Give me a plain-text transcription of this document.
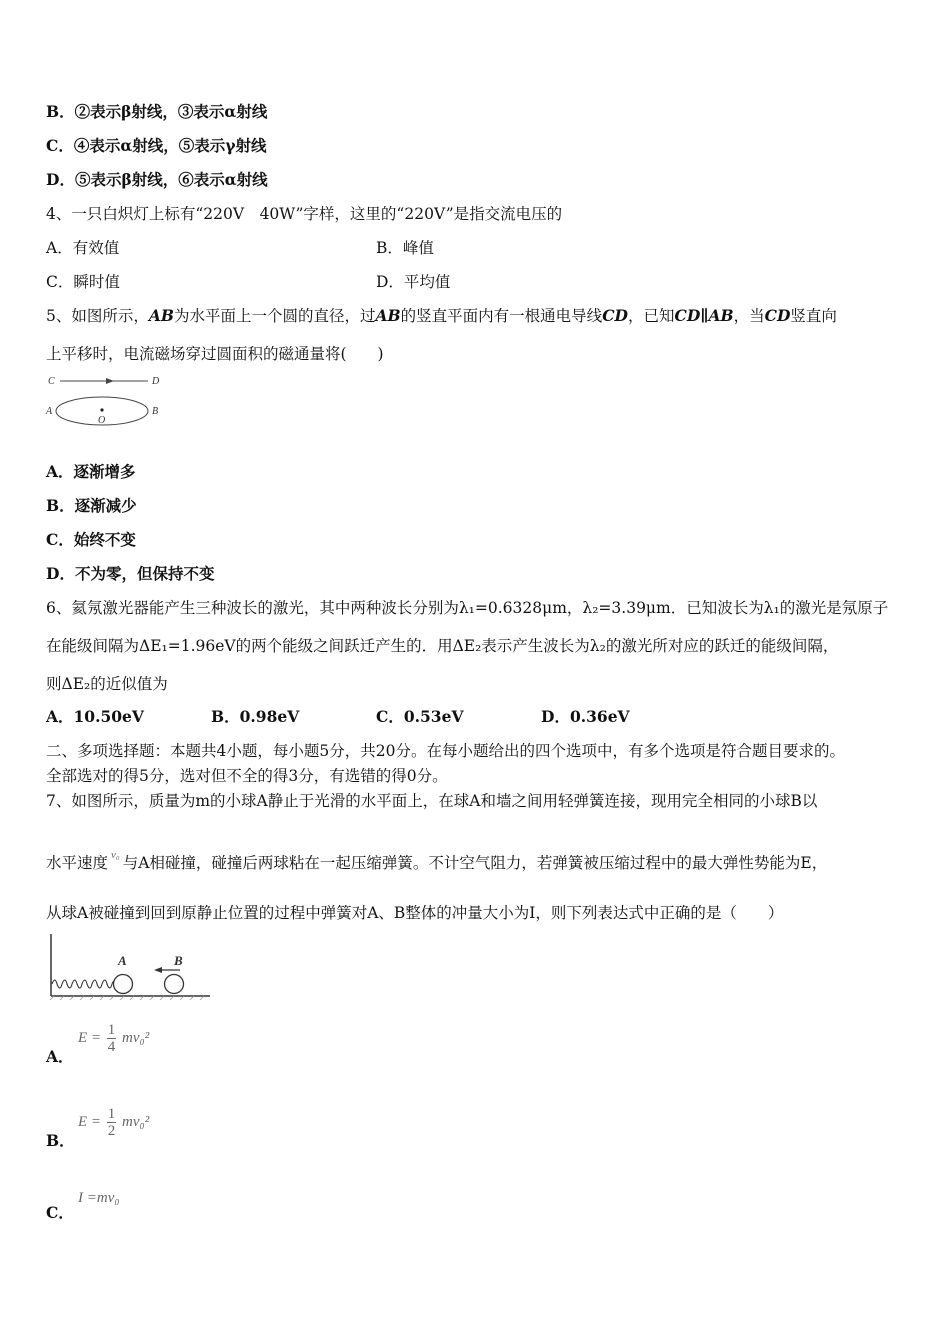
B．②表示β射线，③表示α射线
C．④表示α射线，⑤表示γ射线
D．⑤表示β射线，⑥表示α射线
4、一只白炽灯上标有“220V　40W”字样，这里的“220V”是指交流电压的
A．有效值	B．峰值
C．瞬时值	D．平均值
5、如图所示，AB为水平面上一个圆的直径，过AB的竖直平面内有一根通电导线CD，已知CD∥AB，当CD竖直向
上平移时，电流磁场穿过圆面积的磁通量将(　　)
C	D
A	B
O
A．逐渐增多
B．逐渐减少
C．始终不变
D．不为零，但保持不变
6、氦氖激光器能产生三种波长的激光，其中两种波长分别为λ₁=0.6328μm，λ₂=3.39μm．已知波长为λ₁的激光是氖原子
在能级间隔为ΔE₁=1.96eV的两个能级之间跃迁产生的．用ΔE₂表示产生波长为λ₂的激光所对应的跃迁的能级间隔，
则ΔE₂的近似值为
A．10.50eV	B．0.98eV	C．0.53eV	D．0.36eV
二、多项选择题：本题共4小题，每小题5分，共20分。在每小题给出的四个选项中，有多个选项是符合题目要求的。
全部选对的得5分，选对但不全的得3分，有选错的得0分。
7、如图所示，质量为m的小球A静止于光滑的水平面上，在球A和墙之间用轻弹簧连接，现用完全相同的小球B以
水平速度 $^{v_0}$ 与A相碰撞，碰撞后两球粘在一起压缩弹簧。不计空气阻力，若弹簧被压缩过程中的最大弹性势能为E，
从球A被碰撞到回到原静止位置的过程中弹簧对A、B整体的冲量大小为I，则下列表达式中正确的是（　　）
A	B
A．
$E = \frac{1}{4} mv_0^2$
B．
$E = \frac{1}{2} mv_0^2$
C．
I =mv₀
